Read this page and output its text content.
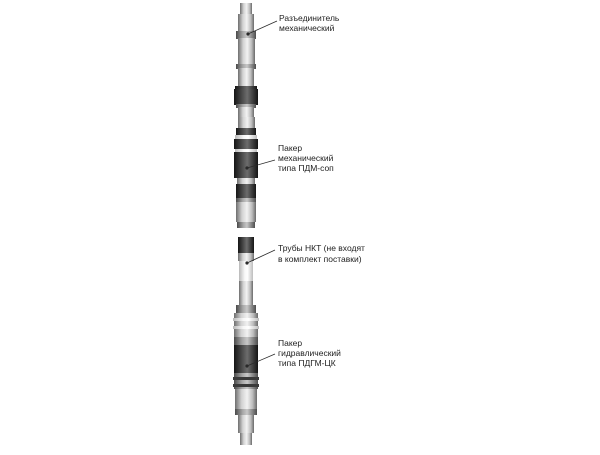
Разъединитель
механический
Пакер
механический
типа ПДМ-соп
Трубы НКТ (не входят
в комплект поставки)
Пакер
гидравлический
типа ПДГМ-ЦК
